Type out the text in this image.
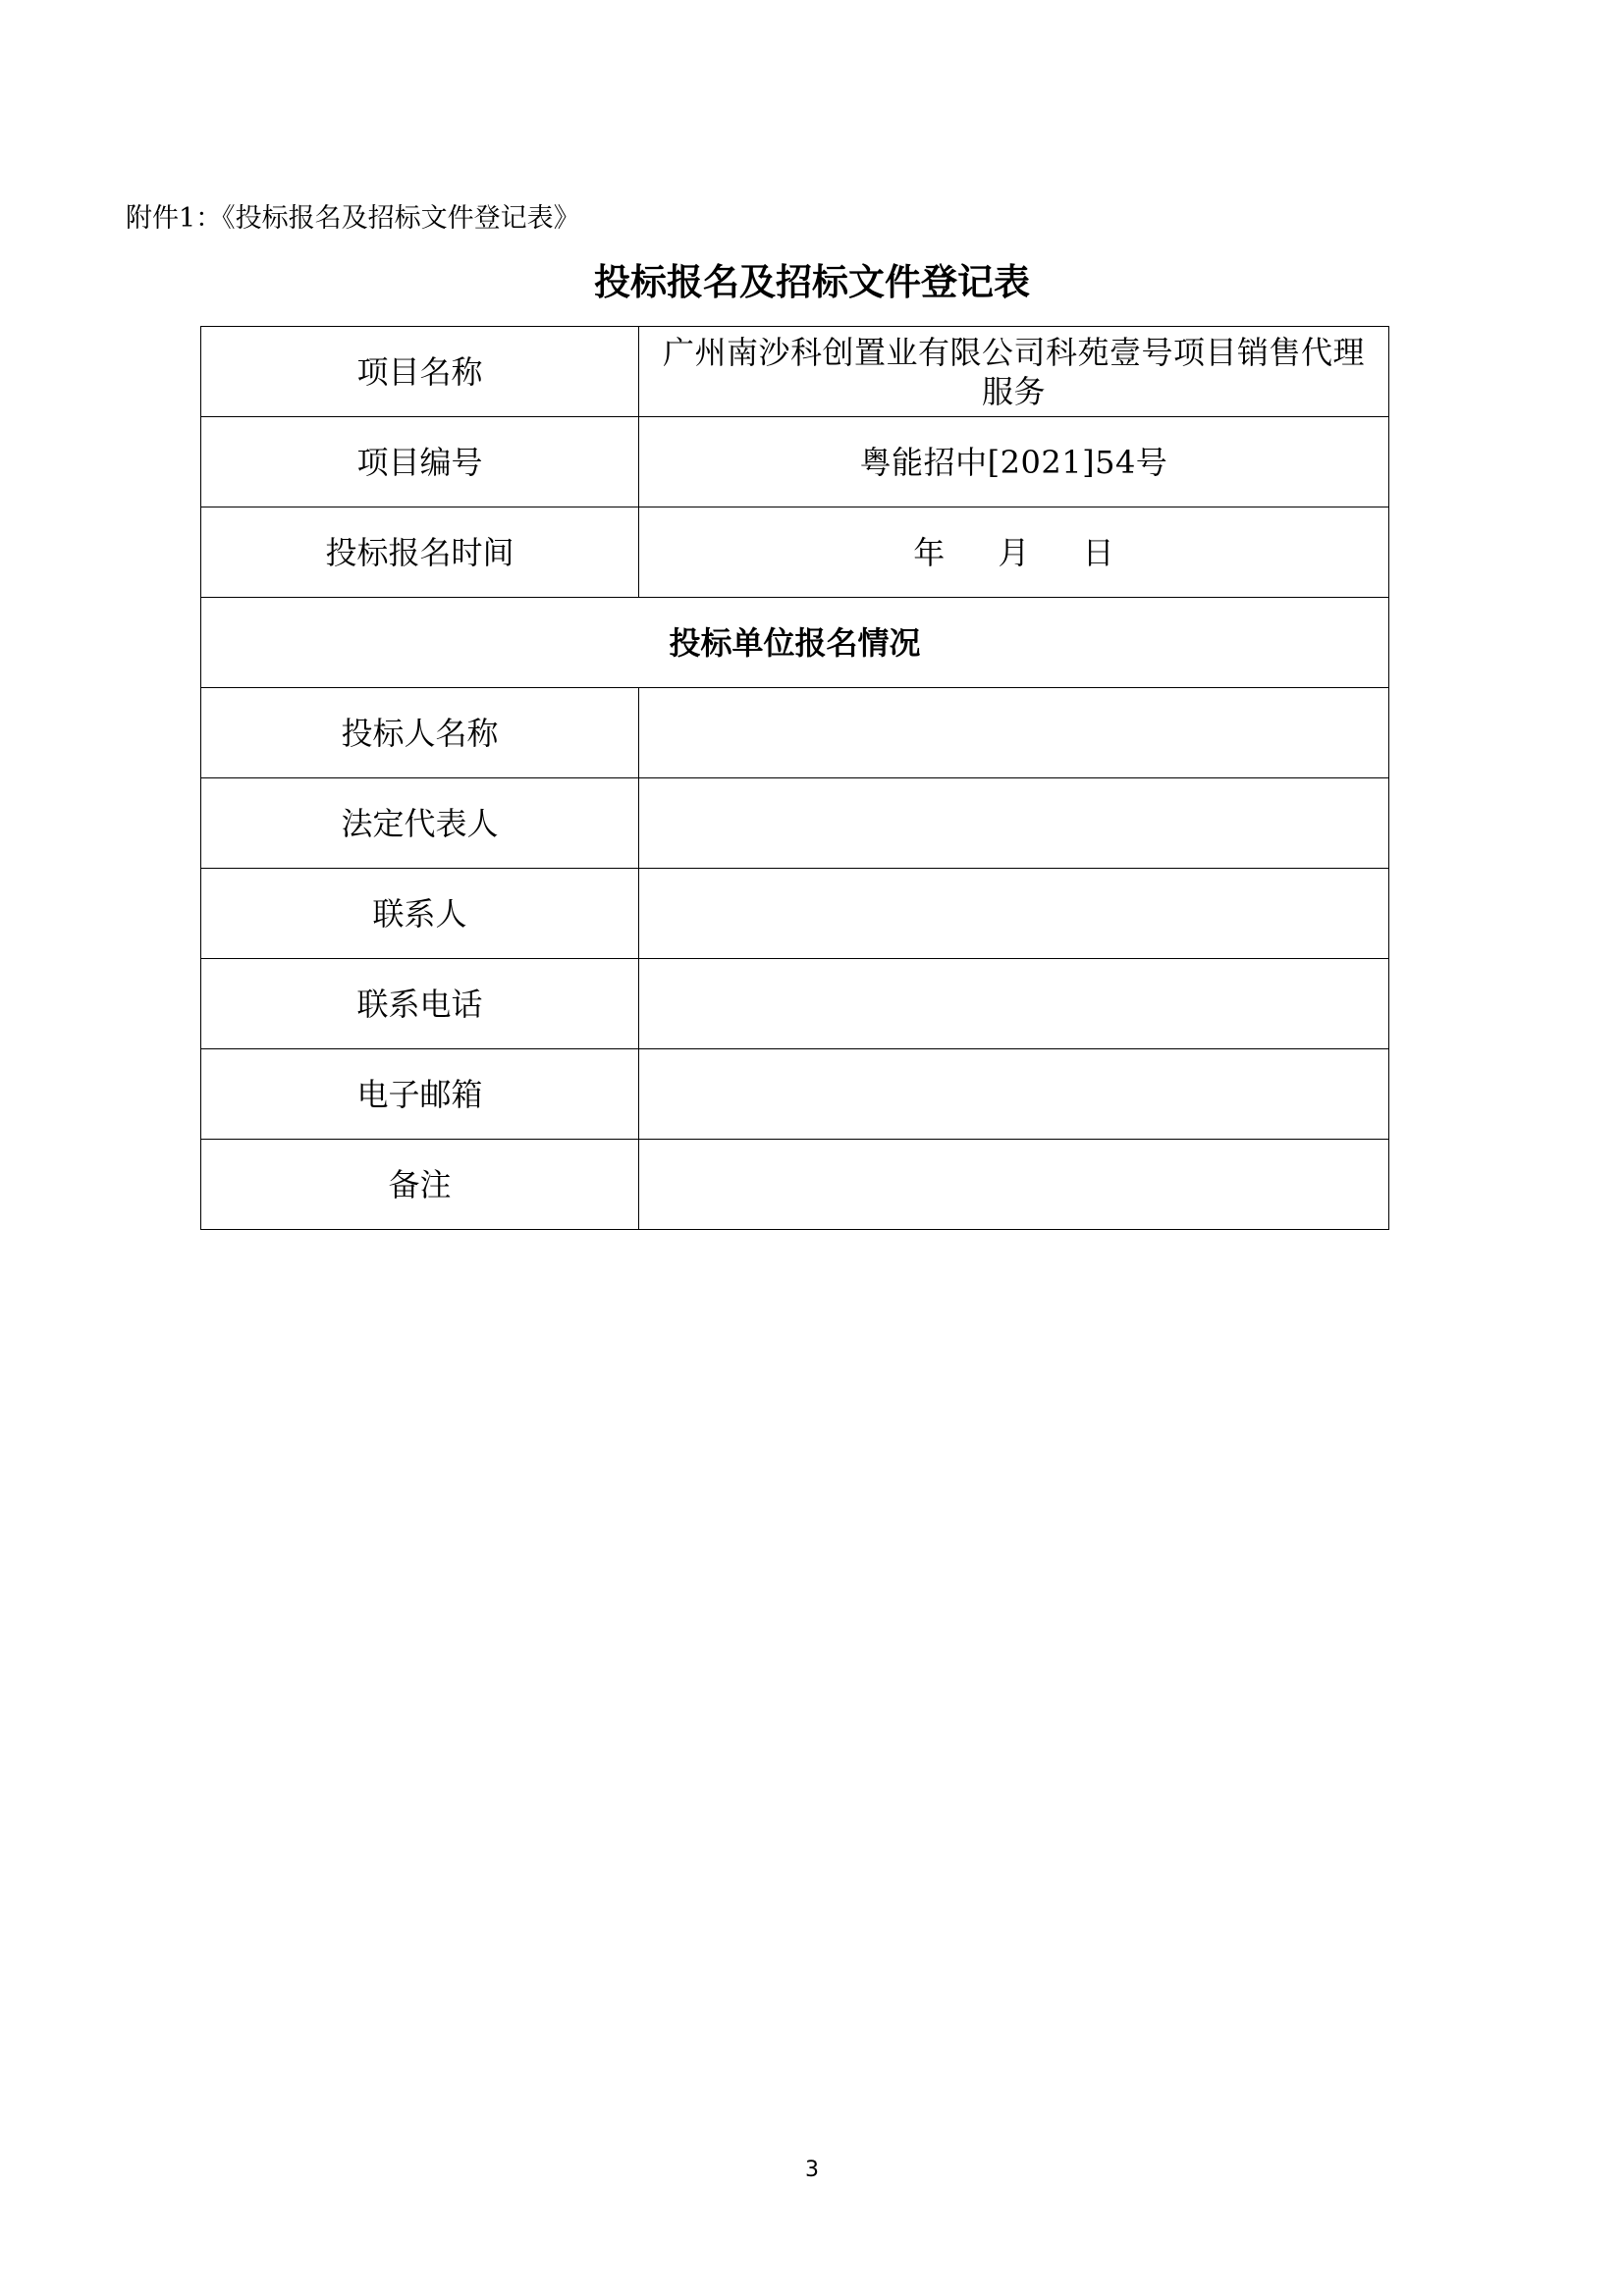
附件1：《投标报名及招标文件登记表》
投标报名及招标文件登记表
项目名称	广州南沙科创置业有限公司科苑壹号项目销售代理服务
项目编号	粤能招中[2021]54号
投标报名时间	年 月 日
投标单位报名情况	
投标人名称	
法定代表人	
联系人	
联系电话	
电子邮箱	
备注	
3
